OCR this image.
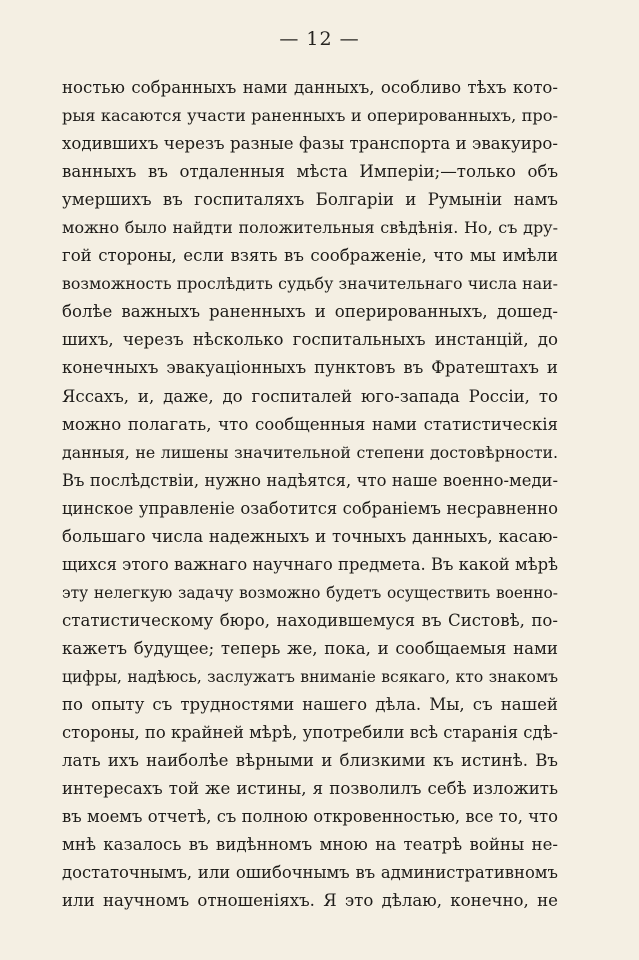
— 12 —
ностью собранныхъ нами данныхъ, особливо тѣхъ кото-
рыя касаются участи раненныхъ и оперированныхъ, про-
ходившихъ черезъ разные фазы транспорта и эвакуиро-
ванныхъ въ отдаленныя мѣста Имперіи;—только объ
умершихъ въ госпиталяхъ Болгаріи и Румыніи намъ
можно было найдти положительныя свѣдѣнія. Но, съ дру-
гой стороны, если взять въ соображеніе, что мы имѣли
возможность прослѣдить судьбу значительнаго числа наи-
болѣе важныхъ раненныхъ и оперированныхъ, дошед-
шихъ, черезъ нѣсколько госпитальныхъ инстанцій, до
конечныхъ эвакуаціонныхъ пунктовъ въ Фратештахъ и
Яссахъ, и, даже, до госпиталей юго-запада Россіи, то
можно полагать, что сообщенныя нами статистическія
данныя, не лишены значительной степени достовѣрности.
Въ послѣдствіи, нужно надѣятся, что наше военно-меди-
цинское управленіе озаботится собраніемъ несравненно
большаго числа надежныхъ и точныхъ данныхъ, касаю-
щихся этого важнаго научнаго предмета. Въ какой мѣрѣ
эту нелегкую задачу возможно будетъ осуществить военно-
статистическому бюро, находившемуся въ Систовѣ, по-
кажетъ будущее; теперь же, пока, и сообщаемыя нами
цифры, надѣюсь, заслужатъ вниманіе всякаго, кто знакомъ
по опыту съ трудностями нашего дѣла. Мы, съ нашей
стороны, по крайней мѣрѣ, употребили всѣ старанія сдѣ-
лать ихъ наиболѣе вѣрными и близкими къ истинѣ. Въ
интересахъ той же истины, я позволилъ себѣ изложить
въ моемъ отчетѣ, съ полною откровенностью, все то, что
мнѣ казалось въ видѣнномъ мною на театрѣ войны не-
достаточнымъ, или ошибочнымъ въ административномъ
или научномъ отношеніяхъ. Я это дѣлаю, конечно, не
